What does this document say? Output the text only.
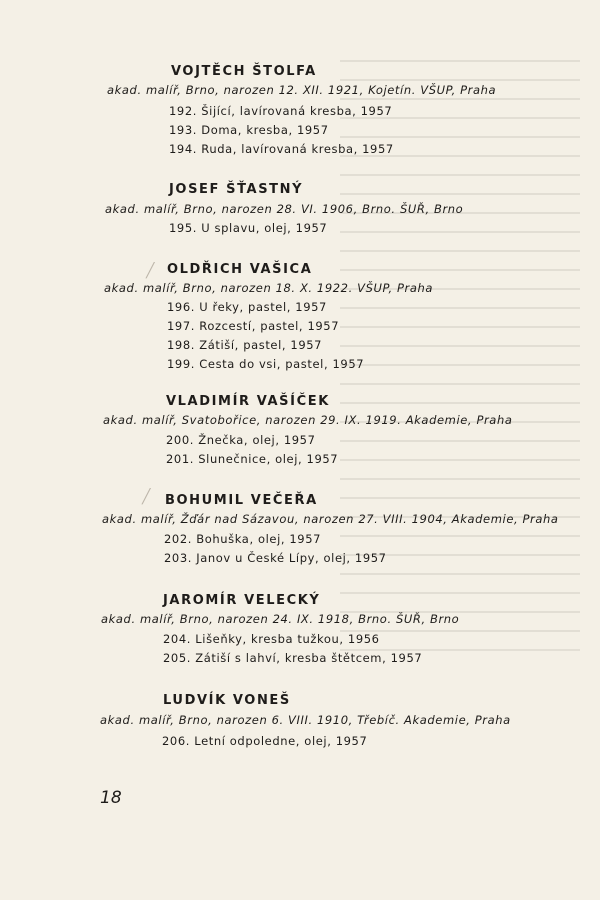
╱
╱
VOJTĚCH ŠTOLFA
akad. malíř, Brno, narozen 12. XII. 1921, Kojetín. VŠUP, Praha
192. Šijící, lavírovaná kresba, 1957
193. Doma, kresba, 1957
194. Ruda, lavírovaná kresba, 1957
JOSEF ŠŤASTNÝ
akad. malíř, Brno, narozen 28. VI. 1906, Brno. ŠUŘ, Brno
195. U splavu, olej, 1957
OLDŘICH VAŠICA
akad. malíř, Brno, narozen 18. X. 1922. VŠUP, Praha
196. U řeky, pastel, 1957
197. Rozcestí, pastel, 1957
198. Zátiší, pastel, 1957
199. Cesta do vsi, pastel, 1957
VLADIMÍR VAŠÍČEK
akad. malíř, Svatobořice, narozen 29. IX. 1919. Akademie, Praha
200. Žnečka, olej, 1957
201. Slunečnice, olej, 1957
BOHUMIL VEČEŘA
akad. malíř, Žďár nad Sázavou, narozen 27. VIII. 1904, Akademie, Praha
202. Bohuška, olej, 1957
203. Janov u České Lípy, olej, 1957
JAROMÍR VELECKÝ
akad. malíř, Brno, narozen 24. IX. 1918, Brno. ŠUŘ, Brno
204. Lišeňky, kresba tužkou, 1956
205. Zátiší s lahví, kresba štětcem, 1957
LUDVÍK VONEŠ
akad. malíř, Brno, narozen 6. VIII. 1910, Třebíč. Akademie, Praha
206. Letní odpoledne, olej, 1957
18
